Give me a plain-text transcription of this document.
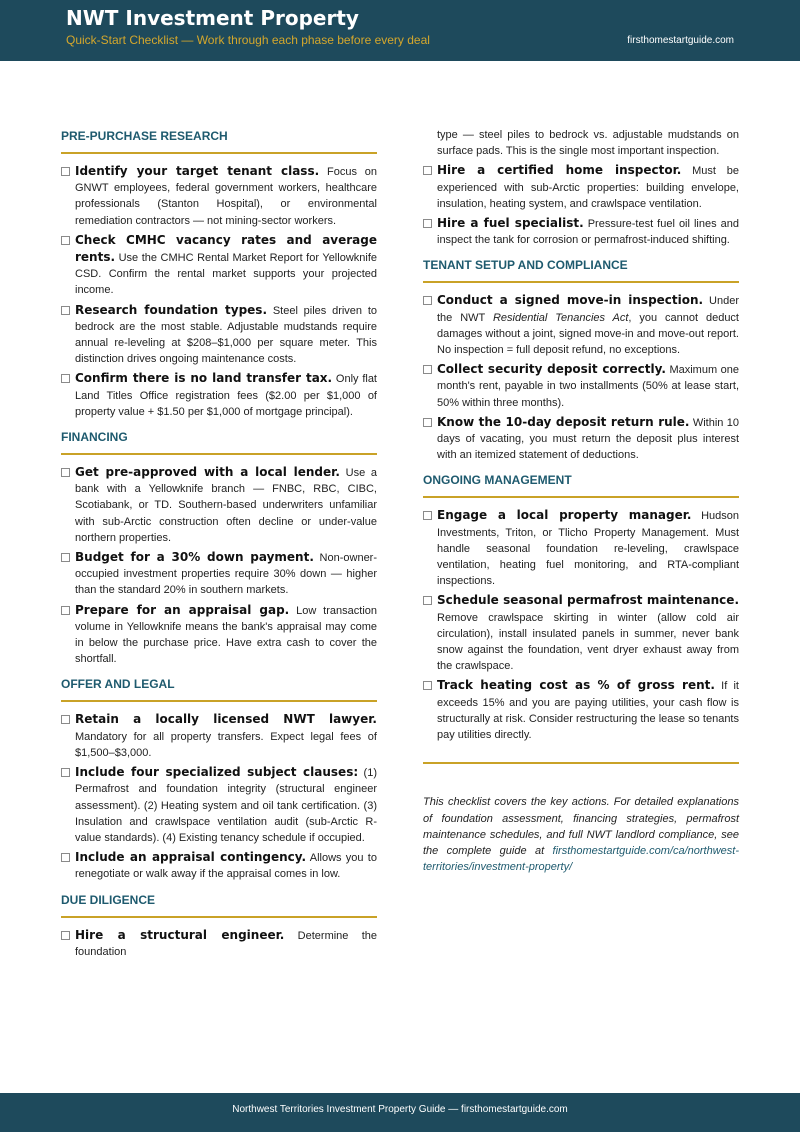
NWT Investment Property
Quick-Start Checklist — Work through each phase before every deal	firsthomestartguide.com
PRE-PURCHASE RESEARCH
Identify your target tenant class. Focus on GNWT employees, federal government workers, healthcare professionals (Stanton Hospital), or environmental remediation contractors — not mining-sector workers.
Check CMHC vacancy rates and average rents. Use the CMHC Rental Market Report for Yellowknife CSD. Confirm the rental market supports your projected income.
Research foundation types. Steel piles driven to bedrock are the most stable. Adjustable mudstands require annual re-leveling at $208–$1,000 per square meter. This distinction drives ongoing maintenance costs.
Confirm there is no land transfer tax. Only flat Land Titles Office registration fees ($2.00 per $1,000 of property value + $1.50 per $1,000 of mortgage principal).
FINANCING
Get pre-approved with a local lender. Use a bank with a Yellowknife branch — FNBC, RBC, CIBC, Scotiabank, or TD. Southern-based underwriters unfamiliar with sub-Arctic construction often decline or under-value northern properties.
Budget for a 30% down payment. Non-owner-occupied investment properties require 30% down — higher than the standard 20% in southern markets.
Prepare for an appraisal gap. Low transaction volume in Yellowknife means the bank's appraisal may come in below the purchase price. Have extra cash to cover the shortfall.
OFFER AND LEGAL
Retain a locally licensed NWT lawyer. Mandatory for all property transfers. Expect legal fees of $1,500–$3,000.
Include four specialized subject clauses: (1) Permafrost and foundation integrity (structural engineer assessment). (2) Heating system and oil tank certification. (3) Insulation and crawlspace ventilation audit (sub-Arctic R-value standards). (4) Existing tenancy schedule if occupied.
Include an appraisal contingency. Allows you to renegotiate or walk away if the appraisal comes in low.
DUE DILIGENCE
Hire a structural engineer. Determine the foundation
type — steel piles to bedrock vs. adjustable mudstands on surface pads. This is the single most important inspection.
Hire a certified home inspector. Must be experienced with sub-Arctic properties: building envelope, insulation, heating system, and crawlspace ventilation.
Hire a fuel specialist. Pressure-test fuel oil lines and inspect the tank for corrosion or permafrost-induced shifting.
TENANT SETUP AND COMPLIANCE
Conduct a signed move-in inspection. Under the NWT Residential Tenancies Act, you cannot deduct damages without a joint, signed move-in and move-out report. No inspection = full deposit refund, no exceptions.
Collect security deposit correctly. Maximum one month's rent, payable in two installments (50% at lease start, 50% within three months).
Know the 10-day deposit return rule. Within 10 days of vacating, you must return the deposit plus interest with an itemized statement of deductions.
ONGOING MANAGEMENT
Engage a local property manager. Hudson Investments, Triton, or Tlicho Property Management. Must handle seasonal foundation re-leveling, crawlspace ventilation, heating fuel monitoring, and RTA-compliant inspections.
Schedule seasonal permafrost maintenance. Remove crawlspace skirting in winter (allow cold air circulation), install insulated panels in summer, never bank snow against the foundation, vent dryer exhaust away from the crawlspace.
Track heating cost as % of gross rent. If it exceeds 15% and you are paying utilities, your cash flow is structurally at risk. Consider restructuring the lease so tenants pay utilities directly.
This checklist covers the key actions. For detailed explanations of foundation assessment, financing strategies, permafrost maintenance schedules, and full NWT landlord compliance, see the complete guide at firsthomestartguide.com/ca/northwest-territories/investment-property/
Northwest Territories Investment Property Guide — firsthomestartguide.com
